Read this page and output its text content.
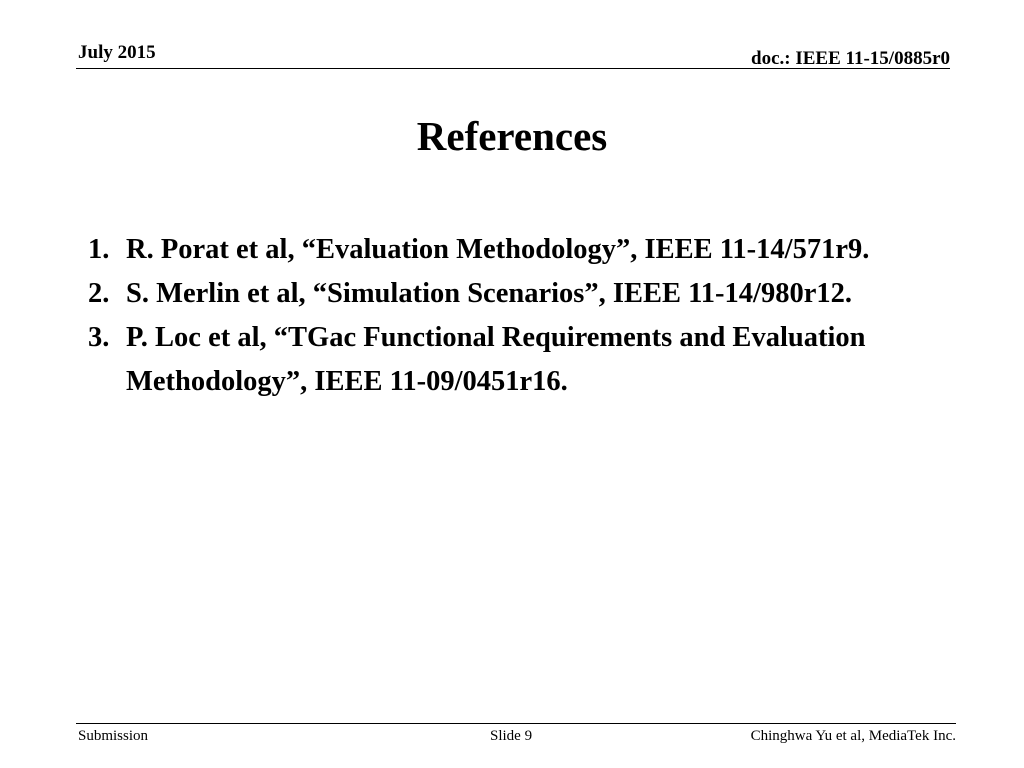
July 2015	doc.: IEEE 11-15/0885r0
References
1. R. Porat et al, “Evaluation Methodology”, IEEE 11-14/571r9.
2. S. Merlin et al, “Simulation Scenarios”, IEEE 11-14/980r12.
3. P. Loc et al, “TGac Functional Requirements and Evaluation Methodology”, IEEE 11-09/0451r16.
Submission	Slide 9	Chinghwa Yu et al, MediaTek Inc.
